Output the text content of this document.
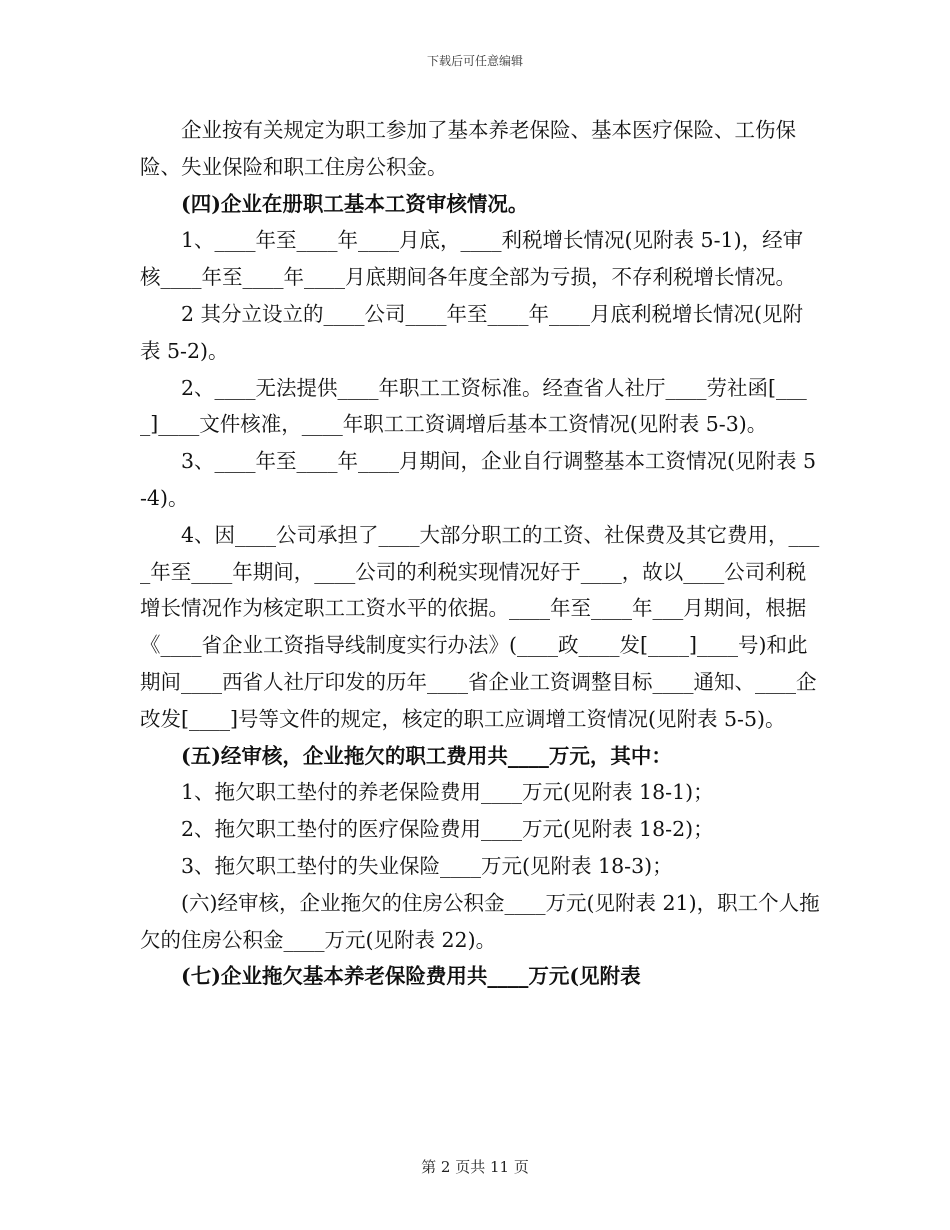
下载后可任意编辑

企业按有关规定为职工参加了基本养老保险、基本医疗保险、工伤保险、失业保险和职工住房公积金。

(四)企业在册职工基本工资审核情况。

1、____年至____年____月底，____利税增长情况(见附表 5-1)，经审核____年至____年____月底期间各年度全部为亏损，不存利税增长情况。

2 其分立设立的____公司____年至____年____月底利税增长情况(见附表 5-2)。

2、____无法提供____年职工工资标准。经查省人社厅____劳社函[____]____文件核准，____年职工工资调增后基本工资情况(见附表 5-3)。

3、____年至____年____月期间，企业自行调整基本工资情况(见附表 5-4)。

4、因____公司承担了____大部分职工的工资、社保费及其它费用，____年至____年期间，____公司的利税实现情况好于____，故以____公司利税增长情况作为核定职工工资水平的依据。____年至____年___月期间，根据《____省企业工资指导线制度实行办法》(____政____发[____]____号)和此期间____西省人社厅印发的历年____省企业工资调整目标____通知、____企改发[____]号等文件的规定，核定的职工应调增工资情况(见附表 5-5)。

(五)经审核，企业拖欠的职工费用共____万元，其中：

1、拖欠职工垫付的养老保险费用____万元(见附表 18-1)；

2、拖欠职工垫付的医疗保险费用____万元(见附表 18-2)；

3、拖欠职工垫付的失业保险____万元(见附表 18-3)；

(六)经审核，企业拖欠的住房公积金____万元(见附表 21)，职工个人拖欠的住房公积金____万元(见附表 22)。

(七)企业拖欠基本养老保险费用共____万元(见附表

第 2 页共 11 页
